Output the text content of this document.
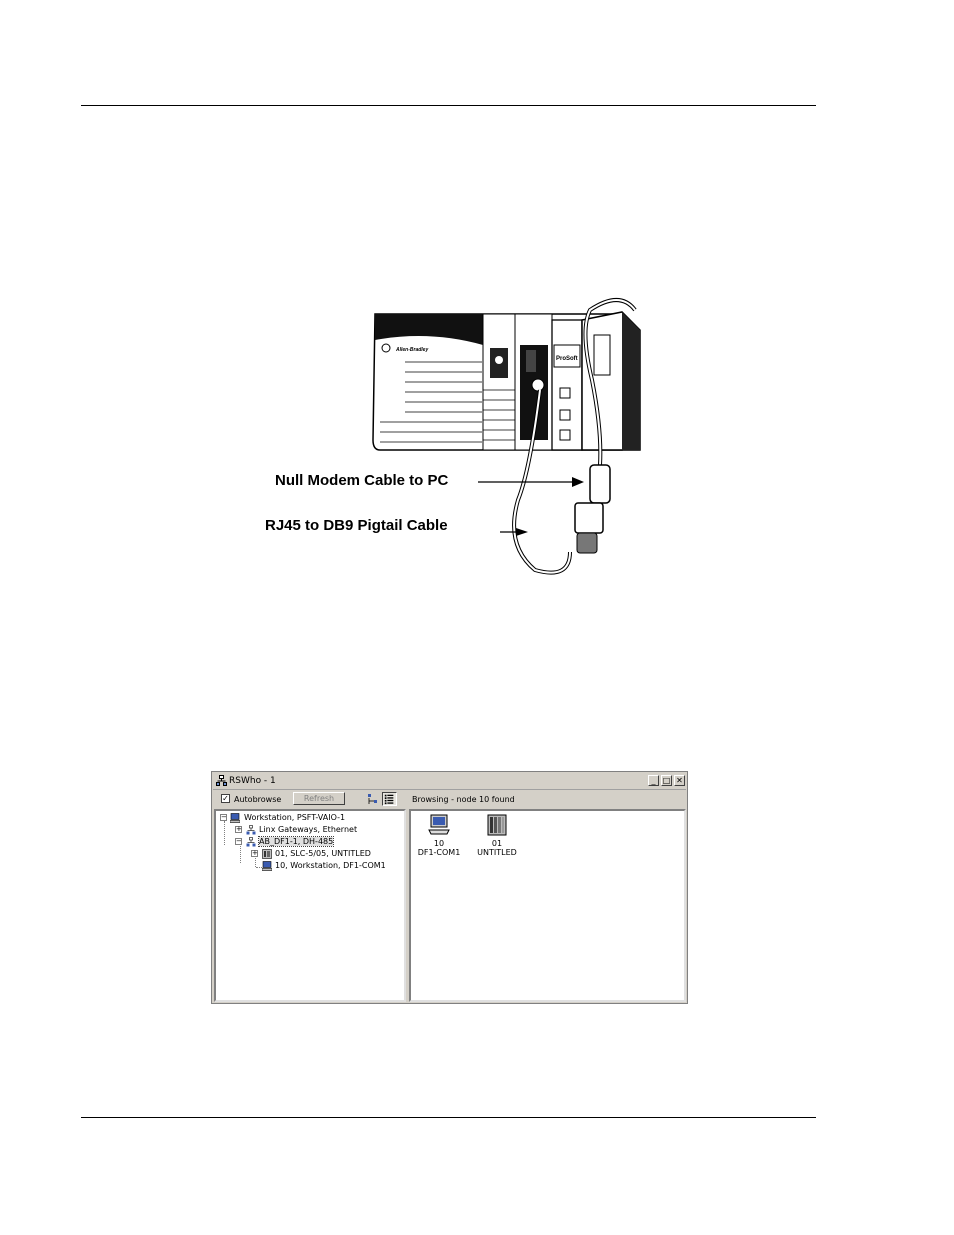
Allen-Bradley
ProSoft
Null Modem Cable to PC
RJ45 to DB9 Pigtail Cable
RSWho - 1	_ □ ✕
✓ Autobrowse	Refresh	Browsing - node 10 found
− Workstation, PSFT-VAIO-1
+ Linx Gateways, Ethernet
− AB_DF1-1, DH-485
+ 01, SLC-5/05, UNTITLED
10, Workstation, DF1-COM1
10
DF1-COM1
01
UNTITLED
